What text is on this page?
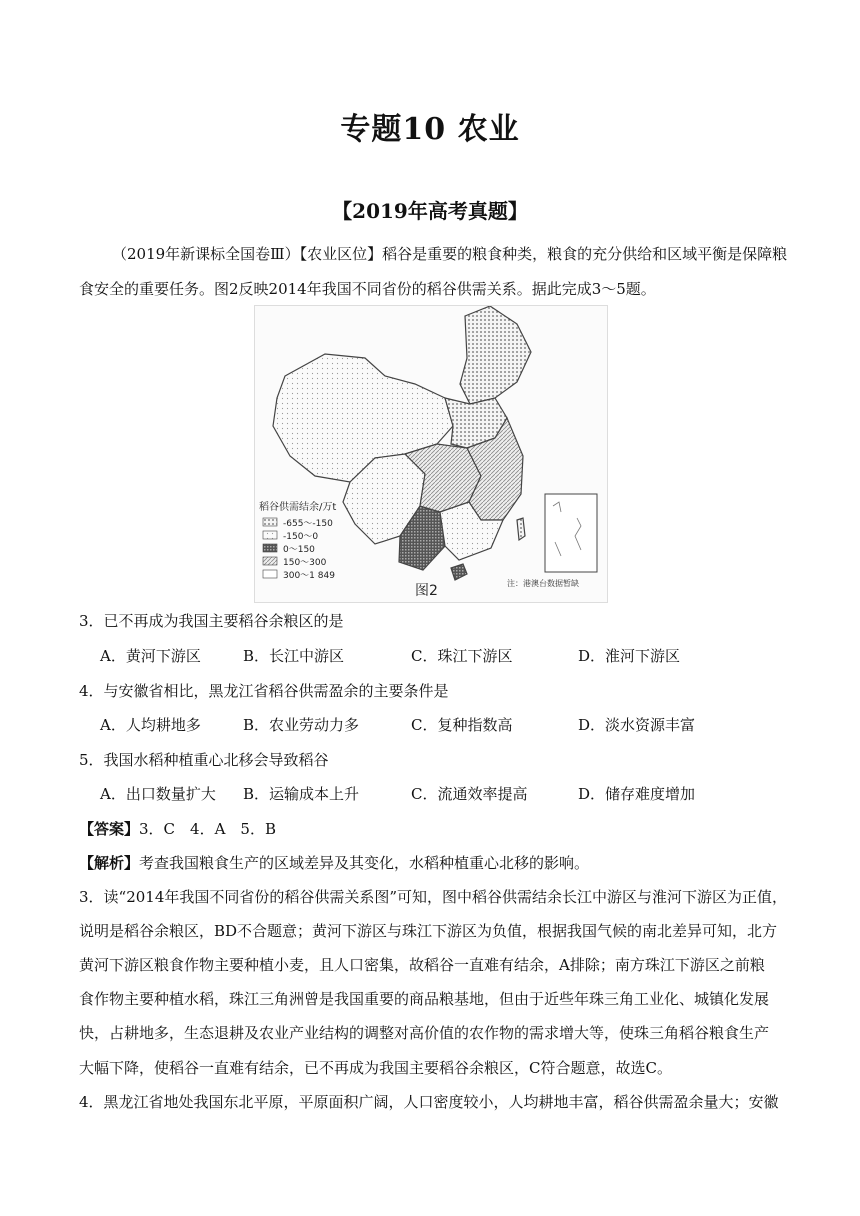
专题10 农业
【2019年高考真题】
（2019年新课标全国卷Ⅲ）【农业区位】稻谷是重要的粮食种类，粮食的充分供给和区域平衡是保障粮
食安全的重要任务。图2反映2014年我国不同省份的稻谷供需关系。据此完成3～5题。
稻谷供需结余/万t
-655～-150
-150～0
0～150
150～300
300～1 849
图2	注：港澳台数据暂缺
3．已不再成为我国主要稻谷余粮区的是
A．黄河下游区	B．长江中游区	C．珠江下游区	D．淮河下游区
4．与安徽省相比，黑龙江省稻谷供需盈余的主要条件是
A．人均耕地多	B．农业劳动力多	C．复种指数高	D．淡水资源丰富
5．我国水稻种植重心北移会导致稻谷
A．出口数量扩大 B．运输成本上升	C．流通效率提高	D．储存难度增加
【答案】3．C　4．A　5．B
【解析】考查我国粮食生产的区域差异及其变化，水稻种植重心北移的影响。
3．读“2014年我国不同省份的稻谷供需关系图”可知，图中稻谷供需结余长江中游区与淮河下游区为正值，
说明是稻谷余粮区，BD不合题意；黄河下游区与珠江下游区为负值，根据我国气候的南北差异可知，北方
黄河下游区粮食作物主要种植小麦，且人口密集，故稻谷一直难有结余，A排除；南方珠江下游区之前粮
食作物主要种植水稻，珠江三角洲曾是我国重要的商品粮基地，但由于近些年珠三角工业化、城镇化发展
快，占耕地多，生态退耕及农业产业结构的调整对高价值的农作物的需求增大等，使珠三角稻谷粮食生产
大幅下降，使稻谷一直难有结余，已不再成为我国主要稻谷余粮区，C符合题意，故选C。
4．黑龙江省地处我国东北平原，平原面积广阔，人口密度较小，人均耕地丰富，稻谷供需盈余量大；安徽
